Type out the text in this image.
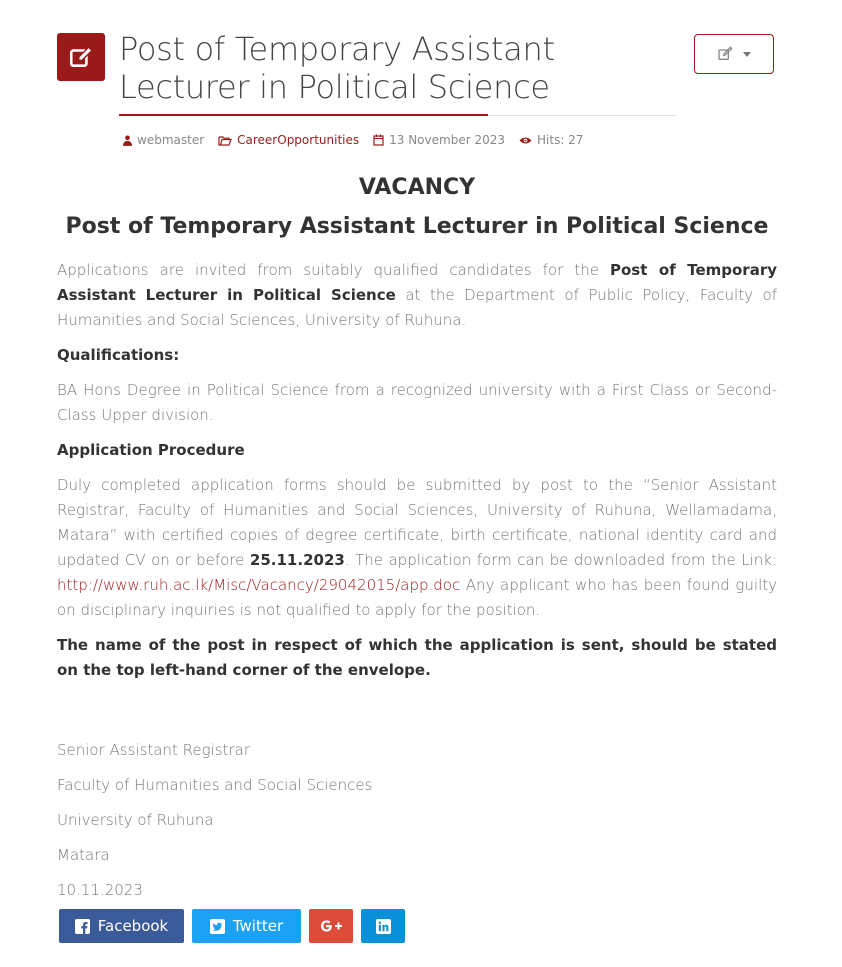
Post of Temporary Assistant Lecturer in Political Science
webmaster	CareerOpportunities	13 November 2023	Hits: 27
VACANCY
Post of Temporary Assistant Lecturer in Political Science

Applications are invited from suitably qualified candidates for the Post of Temporary Assistant Lecturer in Political Science at the Department of Public Policy, Faculty of Humanities and Social Sciences, University of Ruhuna.

Qualifications:

BA Hons Degree in Political Science from a recognized university with a First Class or Second-Class Upper division.

Application Procedure

Duly completed application forms should be submitted by post to the “Senior Assistant Registrar, Faculty of Humanities and Social Sciences, University of Ruhuna, Wellamadama, Matara” with certified copies of degree certificate, birth certificate, national identity card and updated CV on or before 25.11.2023. The application form can be downloaded from the Link: http://www.ruh.ac.lk/Misc/Vacancy/29042015/app.doc Any applicant who has been found guilty on disciplinary inquiries is not qualified to apply for the position.

The name of the post in respect of which the application is sent, should be stated on the top left-hand corner of the envelope.

Senior Assistant Registrar

Faculty of Humanities and Social Sciences

University of Ruhuna

Matara

10.11.2023

Facebook	Twitter
